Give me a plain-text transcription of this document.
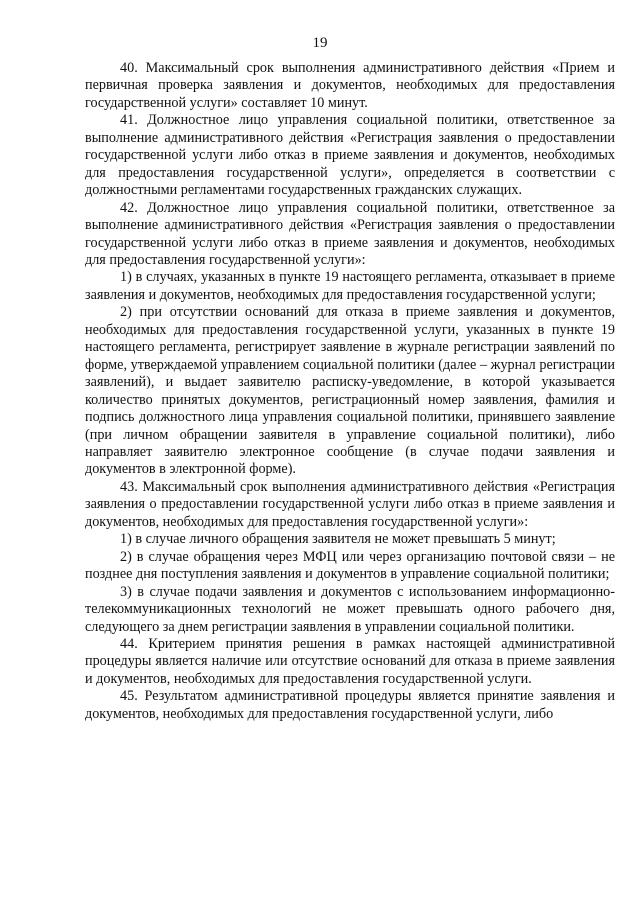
19

40. Максимальный срок выполнения административного действия «Прием и первичная проверка заявления и документов, необходимых для предоставления государственной услуги» составляет 10 минут.

41. Должностное лицо управления социальной политики, ответственное за выполнение административного действия «Регистрация заявления о предоставлении государственной услуги либо отказ в приеме заявления и документов, необходимых для предоставления государственной услуги», определяется в соответствии с должностными регламентами государственных гражданских служащих.

42. Должностное лицо управления социальной политики, ответственное за выполнение административного действия «Регистрация заявления о предоставлении государственной услуги либо отказ в приеме заявления и документов, необходимых для предоставления государственной услуги»:

1) в случаях, указанных в пункте 19 настоящего регламента, отказывает в приеме заявления и документов, необходимых для предоставления государственной услуги;

2) при отсутствии оснований для отказа в приеме заявления и документов, необходимых для предоставления государственной услуги, указанных в пункте 19 настоящего регламента, регистрирует заявление в журнале регистрации заявлений по форме, утверждаемой управлением социальной политики (далее – журнал регистрации заявлений), и выдает заявителю расписку-уведомление, в которой указывается количество принятых документов, регистрационный номер заявления, фамилия и подпись должностного лица управления социальной политики, принявшего заявление (при личном обращении заявителя в управление социальной политики), либо направляет заявителю электронное сообщение (в случае подачи заявления и документов в электронной форме).

43. Максимальный срок выполнения административного действия «Регистрация заявления о предоставлении государственной услуги либо отказ в приеме заявления и документов, необходимых для предоставления государственной услуги»:

1) в случае личного обращения заявителя не может превышать 5 минут;

2) в случае обращения через МФЦ или через организацию почтовой связи – не позднее дня поступления заявления и документов в управление социальной политики;

3) в случае подачи заявления и документов с использованием информационно-телекоммуникационных технологий не может превышать одного рабочего дня, следующего за днем регистрации заявления в управлении социальной политики.

44. Критерием принятия решения в рамках настоящей административной процедуры является наличие или отсутствие оснований для отказа в приеме заявления и документов, необходимых для предоставления государственной услуги.

45. Результатом административной процедуры является принятие заявления и документов, необходимых для предоставления государственной услуги, либо
